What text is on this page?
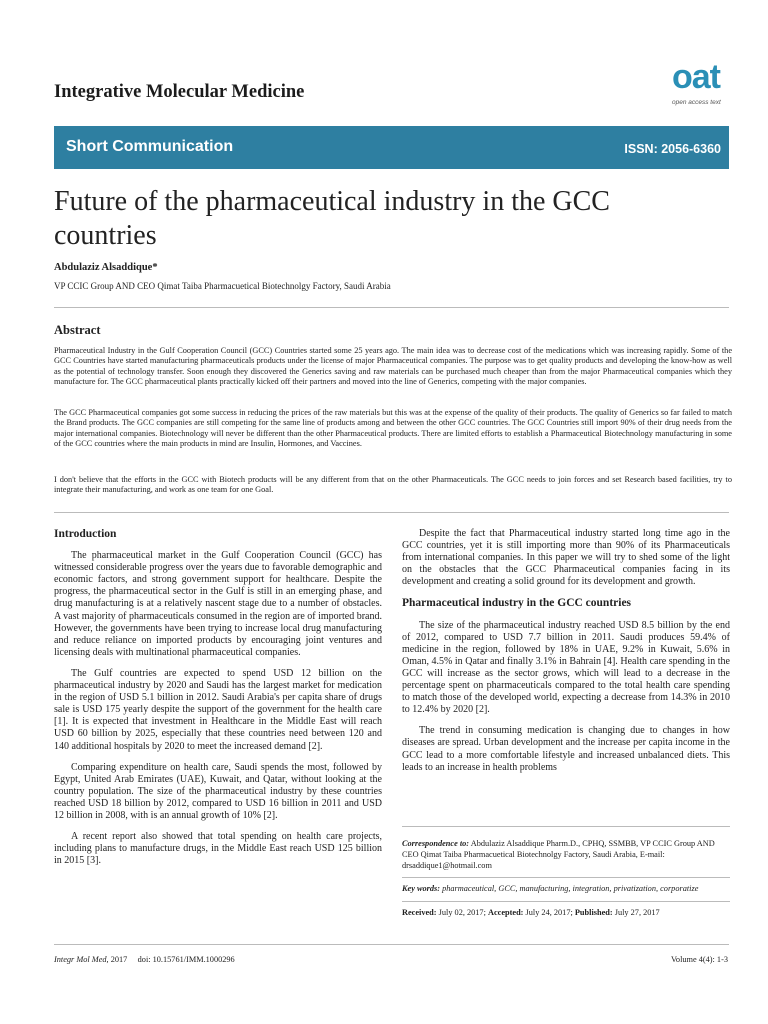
Integrative Molecular Medicine	oat
open access text
Short Communication	ISSN: 2056-6360
Future of the pharmaceutical industry in the GCC countries
Abdulaziz Alsaddique*
VP CCIC Group AND CEO Qimat Taiba Pharmacuetical Biotechnolgy Factory, Saudi Arabia
Abstract
Pharmaceutical Industry in the Gulf Cooperation Council (GCC) Countries started some 25 years ago. The main idea was to decrease cost of the medications which was increasing rapidly. Some of the GCC Countries have started manufacturing pharmaceuticals products under the license of major Pharmaceutical companies. The purpose was to get quality products and developing the know-how as well as the potential of technology transfer. Soon enough they discovered the Generics saving and raw materials can be purchased much cheaper than from the major Pharmaceutical companies which they manufacture for. The GCC pharmaceutical plants practically kicked off their partners and moved into the line of Generics, competing with the major companies.
The GCC Pharmaceutical companies got some success in reducing the prices of the raw materials but this was at the expense of the quality of their products. The quality of Generics so far failed to match the Brand products. The GCC companies are still competing for the same line of products among and between the other GCC countries. The GCC Countries still import 90% of their drug needs from the major international companies. Biotechnology will never be different than the other Pharmaceutical products. There are limited efforts to establish a Pharmaceutical Biotechnology manufacturing in some of the GCC countries where the main products in mind are Insulin, Hormones, and Vaccines.
I don't believe that the efforts in the GCC with Biotech products will be any different from that on the other Pharmaceuticals. The GCC needs to join forces and set Research based facilities, try to integrate their manufacturing, and work as one team for one Goal.
Introduction

The pharmaceutical market in the Gulf Cooperation Council (GCC) has witnessed considerable progress over the years due to favorable demographic and economic factors, and strong government support for healthcare. Despite the progress, the pharmaceutical sector in the Gulf is still in an emerging phase, and drug manufacturing is at a relatively nascent stage due to a number of obstacles. A vast majority of pharmaceuticals consumed in the region are of imported brand. However, the governments have been trying to increase local drug manufacturing and reduce reliance on imported products by encouraging joint ventures and licensing deals with multinational pharmaceutical companies.

The Gulf countries are expected to spend USD 12 billion on the pharmaceutical industry by 2020 and Saudi has the largest market for medication in the region of USD 5.1 billion in 2012. Saudi Arabia's per capita share of drugs sale is USD 175 yearly despite the support of the government for the health care [1]. It is expected that investment in Healthcare in the Middle East will reach USD 60 billion by 2025, especially that these countries need between 120 and 140 additional hospitals by 2020 to meet the increased demand [2].

Comparing expenditure on health care, Saudi spends the most, followed by Egypt, United Arab Emirates (UAE), Kuwait, and Qatar, without looking at the country population. The size of the pharmaceutical industry by these countries reached USD 18 billion by 2012, compared to USD 16 billion in 2011 and USD 12 billion in 2008, with is an annual growth of 10% [2].

A recent report also showed that total spending on health care projects, including plans to manufacture drugs, in the Middle East reach USD 125 billion in 2015 [3].

Despite the fact that Pharmaceutical industry started long time ago in the GCC countries, yet it is still importing more than 90% of its Pharmaceuticals from international companies. In this paper we will try to shed some of the light on the obstacles that the GCC Pharmaceutical companies facing in its development and creating a solid ground for its development and growth.

Pharmaceutical industry in the GCC countries

The size of the pharmaceutical industry reached USD 8.5 billion by the end of 2012, compared to USD 7.7 billion in 2011. Saudi produces 59.4% of medicine in the region, followed by 18% in UAE, 9.2% in Kuwait, 5.6% in Oman, 4.5% in Qatar and finally 3.1% in Bahrain [4]. Health care spending in the GCC will increase as the sector grows, which will lead to a decrease in the percentage spent on pharmaceuticals compared to the total health care spending to match those of the developed world, expecting a decrease from 14.3% in 2010 to 12.4% by 2020 [2].

The trend in consuming medication is changing due to changes in how diseases are spread. Urban development and the increase per capita income in the GCC lead to a more comfortable lifestyle and increased unbalanced diets. This leads to an increase in health problems

Correspondence to: Abdulaziz Alsaddique Pharm.D., CPHQ, SSMBB, VP CCIC Group AND CEO Qimat Taiba Pharmacuetical Biotechnolgy Factory, Saudi Arabia, E-mail: drsaddique1@hotmail.com
Key words: pharmaceutical, GCC, manufacturing, integration, privatization, corporatize
Received: July 02, 2017; Accepted: July 24, 2017; Published: July 27, 2017
Integr Mol Med, 2017 doi: 10.15761/IMM.1000296	Volume 4(4): 1-3
